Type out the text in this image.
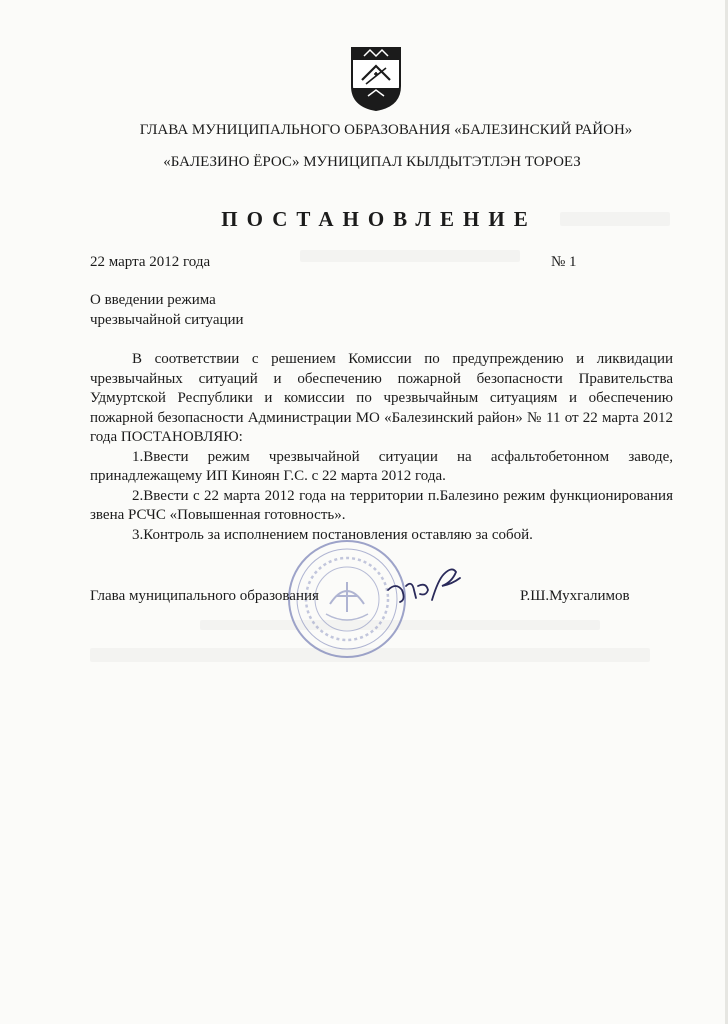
ГЛАВА МУНИЦИПАЛЬНОГО ОБРАЗОВАНИЯ «БАЛЕЗИНСКИЙ РАЙОН»
«БАЛЕЗИНО ЁРОС» МУНИЦИПАЛ КЫЛДЫТЭТЛЭН ТОРОЕЗ
ПОСТАНОВЛЕНИЕ
22 марта 2012 года	№ 1
О введении режима
чрезвычайной ситуации

В соответствии с решением Комиссии по предупреждению и ликвидации чрезвычайных ситуаций и обеспечению пожарной безопасности Правительства Удмуртской Республики и комиссии по чрезвычайным ситуациям и обеспечению пожарной безопасности Администрации МО «Балезинский район» № 11 от 22 марта 2012 года ПОСТАНОВЛЯЮ:

1.Ввести режим чрезвычайной ситуации на асфальтобетонном заводе, принадлежащему ИП Киноян Г.С. с 22 марта 2012 года.

2.Ввести с 22 марта 2012 года на территории п.Балезино режим функционирования звена РСЧС «Повышенная готовность».

3.Контроль за исполнением постановления оставляю за собой.

Глава муниципального образования	Р.Ш.Мухгалимов
